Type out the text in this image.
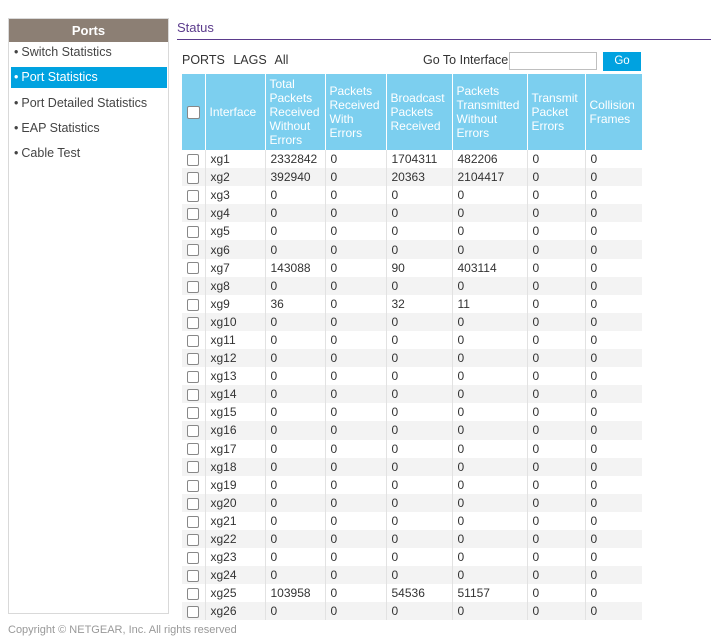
Ports
• Switch Statistics
• Port Statistics
• Port Detailed Statistics
• EAP Statistics
• Cable Test
Status
PORTS LAGS All	Go To Interface	Go
	Interface	Total Packets Received Without Errors	Packets Received With Errors	Broadcast Packets Received	Packets Transmitted Without Errors	Transmit Packet Errors	Collision Frames
	xg1	2332842	0	1704311	482206	0	0
	xg2	392940	0	20363	2104417	0	0
	xg3	0	0	0	0	0	0
	xg4	0	0	0	0	0	0
	xg5	0	0	0	0	0	0
	xg6	0	0	0	0	0	0
	xg7	143088	0	90	403114	0	0
	xg8	0	0	0	0	0	0
	xg9	36	0	32	11	0	0
	xg10	0	0	0	0	0	0
	xg11	0	0	0	0	0	0
	xg12	0	0	0	0	0	0
	xg13	0	0	0	0	0	0
	xg14	0	0	0	0	0	0
	xg15	0	0	0	0	0	0
	xg16	0	0	0	0	0	0
	xg17	0	0	0	0	0	0
	xg18	0	0	0	0	0	0
	xg19	0	0	0	0	0	0
	xg20	0	0	0	0	0	0
	xg21	0	0	0	0	0	0
	xg22	0	0	0	0	0	0
	xg23	0	0	0	0	0	0
	xg24	0	0	0	0	0	0
	xg25	103958	0	54536	51157	0	0
	xg26	0	0	0	0	0	0
Copyright © NETGEAR, Inc. All rights reserved
